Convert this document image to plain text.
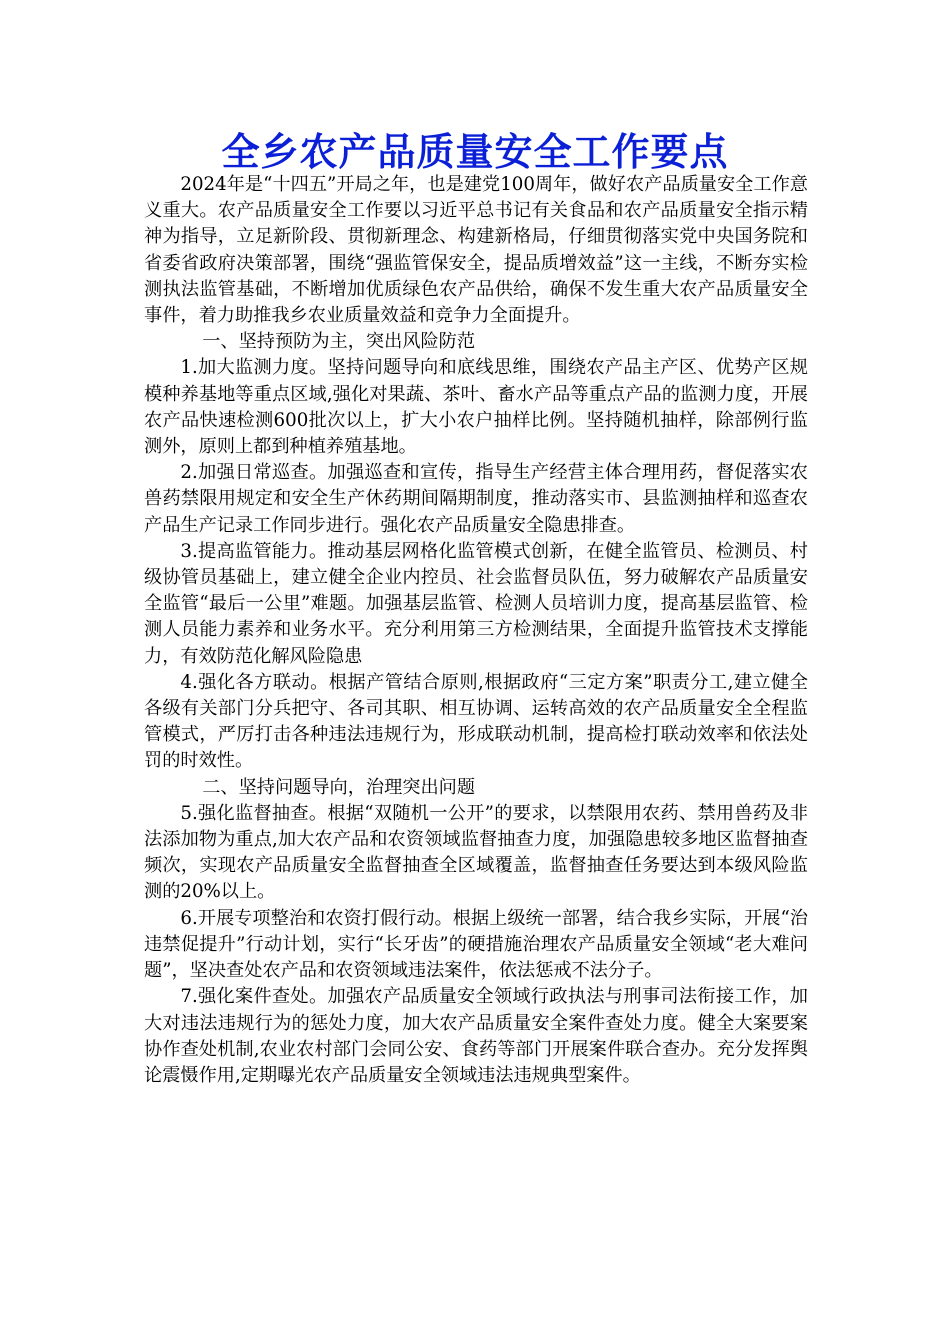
全乡农产品质量安全工作要点

2024年是“十四五”开局之年，也是建党100周年，做好农产品质量安全工作意义重大。农产品质量安全工作要以习近平总书记有关食品和农产品质量安全指示精神为指导，立足新阶段、贯彻新理念、构建新格局，仔细贯彻落实党中央国务院和省委省政府决策部署，围绕“强监管保安全，提品质增效益”这一主线，不断夯实检测执法监管基础，不断增加优质绿色农产品供给，确保不发生重大农产品质量安全事件，着力助推我乡农业质量效益和竞争力全面提升。

一、坚持预防为主，突出风险防范

1.加大监测力度。坚持问题导向和底线思维，围绕农产品主产区、优势产区规模种养基地等重点区域,强化对果蔬、茶叶、畜水产品等重点产品的监测力度，开展农产品快速检测600批次以上，扩大小农户抽样比例。坚持随机抽样，除部例行监测外，原则上都到种植养殖基地。

2.加强日常巡查。加强巡查和宣传，指导生产经营主体合理用药，督促落实农兽药禁限用规定和安全生产休药期间隔期制度，推动落实市、县监测抽样和巡查农产品生产记录工作同步进行。强化农产品质量安全隐患排查。

3.提高监管能力。推动基层网格化监管模式创新，在健全监管员、检测员、村级协管员基础上，建立健全企业内控员、社会监督员队伍，努力破解农产品质量安全监管“最后一公里”难题。加强基层监管、检测人员培训力度，提高基层监管、检测人员能力素养和业务水平。充分利用第三方检测结果，全面提升监管技术支撑能力，有效防范化解风险隐患

4.强化各方联动。根据产管结合原则,根据政府“三定方案”职责分工,建立健全各级有关部门分兵把守、各司其职、相互协调、运转高效的农产品质量安全全程监管模式，严厉打击各种违法违规行为，形成联动机制，提高检打联动效率和依法处罚的时效性。

二、坚持问题导向，治理突出问题

5.强化监督抽查。根据“双随机一公开”的要求，以禁限用农药、禁用兽药及非法添加物为重点,加大农产品和农资领域监督抽查力度，加强隐患较多地区监督抽查频次，实现农产品质量安全监督抽查全区域覆盖，监督抽查任务要达到本级风险监测的20%以上。

6.开展专项整治和农资打假行动。根据上级统一部署，结合我乡实际，开展“治违禁促提升”行动计划，实行“长牙齿”的硬措施治理农产品质量安全领域“老大难问题”，坚决查处农产品和农资领域违法案件，依法惩戒不法分子。

7.强化案件查处。加强农产品质量安全领域行政执法与刑事司法衔接工作，加大对违法违规行为的惩处力度，加大农产品质量安全案件查处力度。健全大案要案协作查处机制,农业农村部门会同公安、食药等部门开展案件联合查办。充分发挥舆论震慑作用,定期曝光农产品质量安全领域违法违规典型案件。
